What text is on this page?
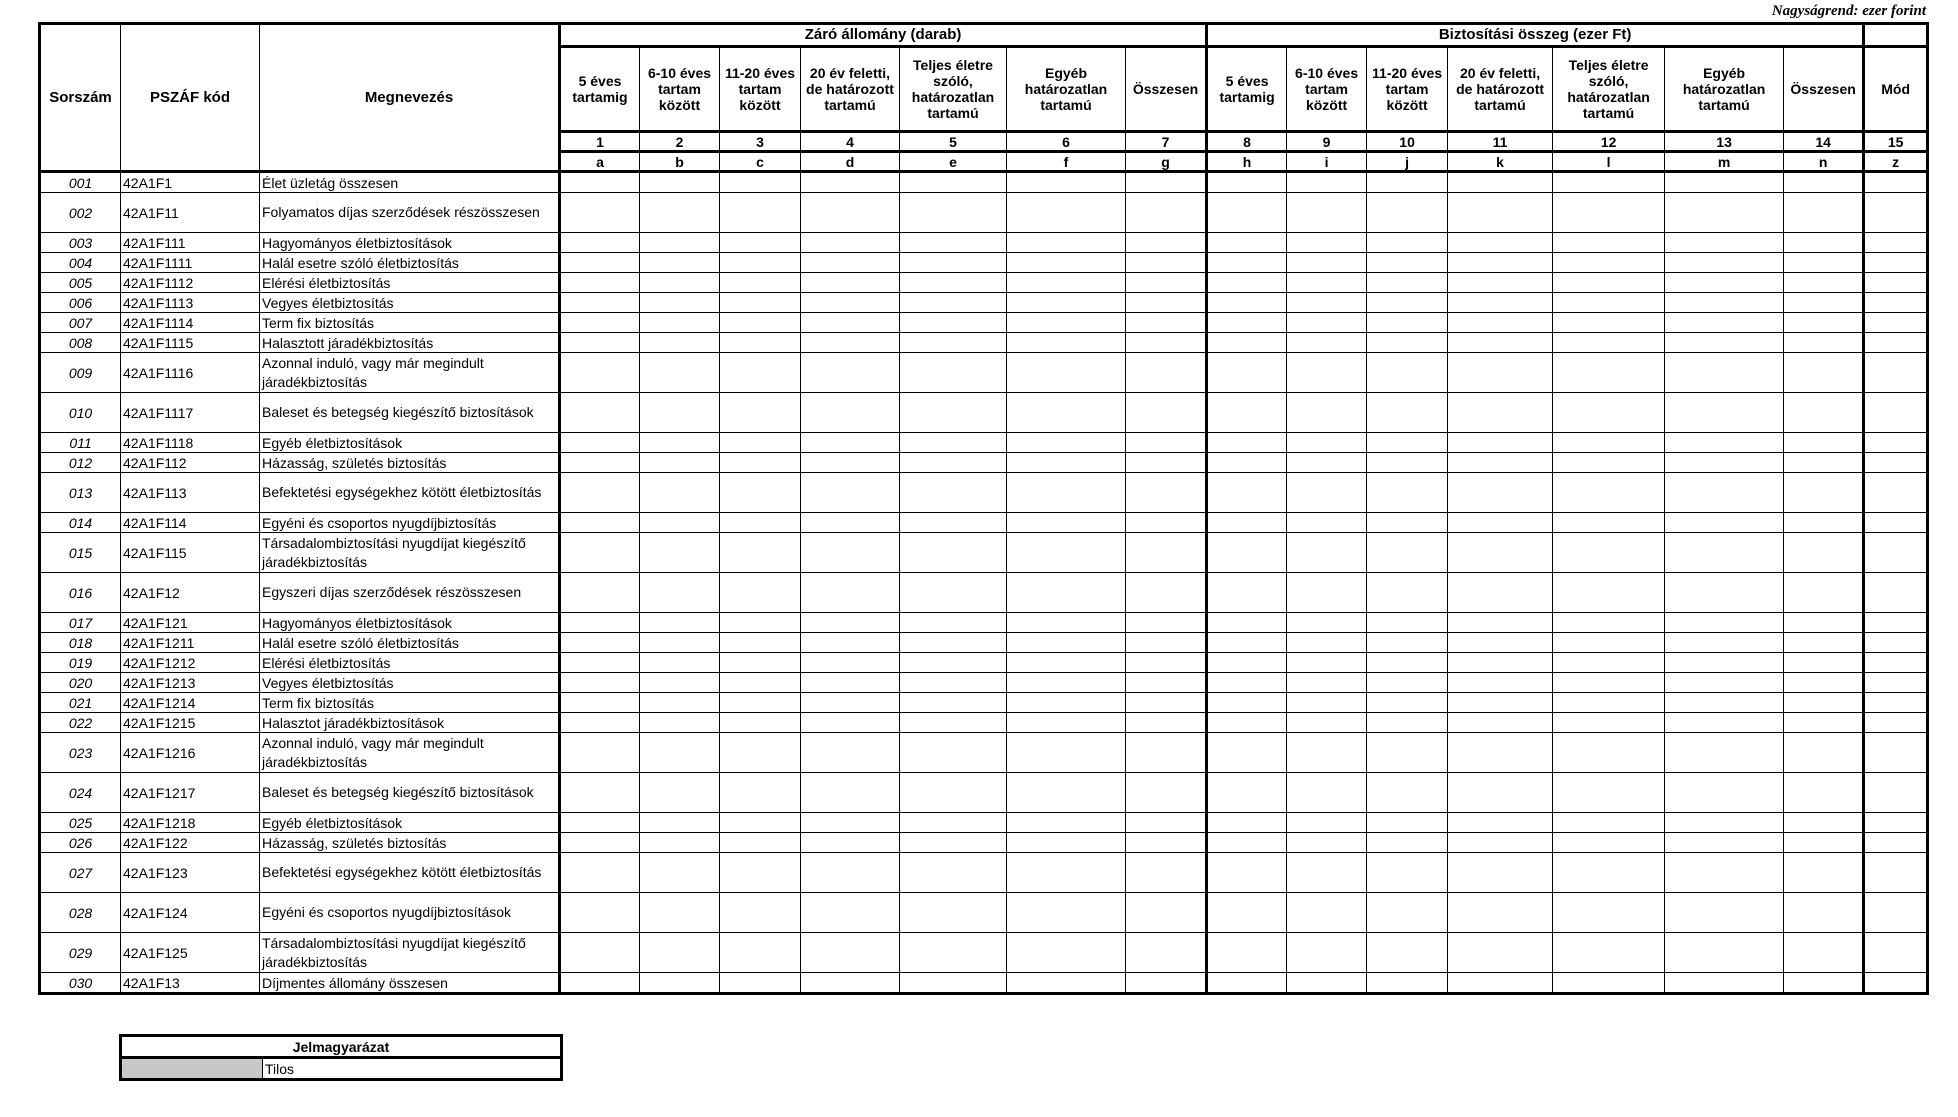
Nagyságrend: ezer forint
Sorszám	PSZÁF kód	Megnevezés	Záró állomány (darab)							Biztosítási összeg (ezer Ft)							
			5 éves tartamig	6-10 éves tartam között	11-20 éves tartam között	20 év feletti, de határozott tartamú	Teljes életre szóló, határozatlan tartamú	Egyéb határozatlan tartamú	Összesen	5 éves tartamig	6-10 éves tartam között	11-20 éves tartam között	20 év feletti, de határozott tartamú	Teljes életre szóló, határozatlan tartamú	Egyéb határozatlan tartamú	Összesen	Mód
			1	2	3	4	5	6	7	8	9	10	11	12	13	14	15
			a	b	c	d	e	f	g	h	i	j	k	l	m	n	z
001	42A1F1	Élet üzletág összesen															
002	42A1F11	Folyamatos díjas szerződések részösszesen															
003	42A1F111	Hagyományos életbiztosítások															
004	42A1F1111	Halál esetre szóló életbiztosítás															
005	42A1F1112	Elérési életbiztosítás															
006	42A1F1113	Vegyes életbiztosítás															
007	42A1F1114	Term fix biztosítás															
008	42A1F1115	Halasztott járadékbiztosítás															
009	42A1F1116	Azonnal induló, vagy már megindult járadékbiztosítás															
010	42A1F1117	Baleset és betegség kiegészítő biztosítások															
011	42A1F1118	Egyéb életbiztosítások															
012	42A1F112	Házasság, születés biztosítás															
013	42A1F113	Befektetési egységekhez kötött életbiztosítás															
014	42A1F114	Egyéni és csoportos nyugdíjbiztosítás															
015	42A1F115	Társadalombiztosítási nyugdíjat kiegészítő járadékbiztosítás															
016	42A1F12	Egyszeri díjas szerződések részösszesen															
017	42A1F121	Hagyományos életbiztosítások															
018	42A1F1211	Halál esetre szóló életbiztosítás															
019	42A1F1212	Elérési életbiztosítás															
020	42A1F1213	Vegyes életbiztosítás															
021	42A1F1214	Term fix biztosítás															
022	42A1F1215	Halasztot járadékbiztosítások															
023	42A1F1216	Azonnal induló, vagy már megindult járadékbiztosítás															
024	42A1F1217	Baleset és betegség kiegészítő biztosítások															
025	42A1F1218	Egyéb életbiztosítások															
026	42A1F122	Házasság, születés biztosítás															
027	42A1F123	Befektetési egységekhez kötött életbiztosítás															
028	42A1F124	Egyéni és csoportos nyugdíjbiztosítások															
029	42A1F125	Társadalombiztosítási nyugdíjat kiegészítő járadékbiztosítás															
030	42A1F13	Díjmentes állomány összesen															
Jelmagyarázat
	Tilos
